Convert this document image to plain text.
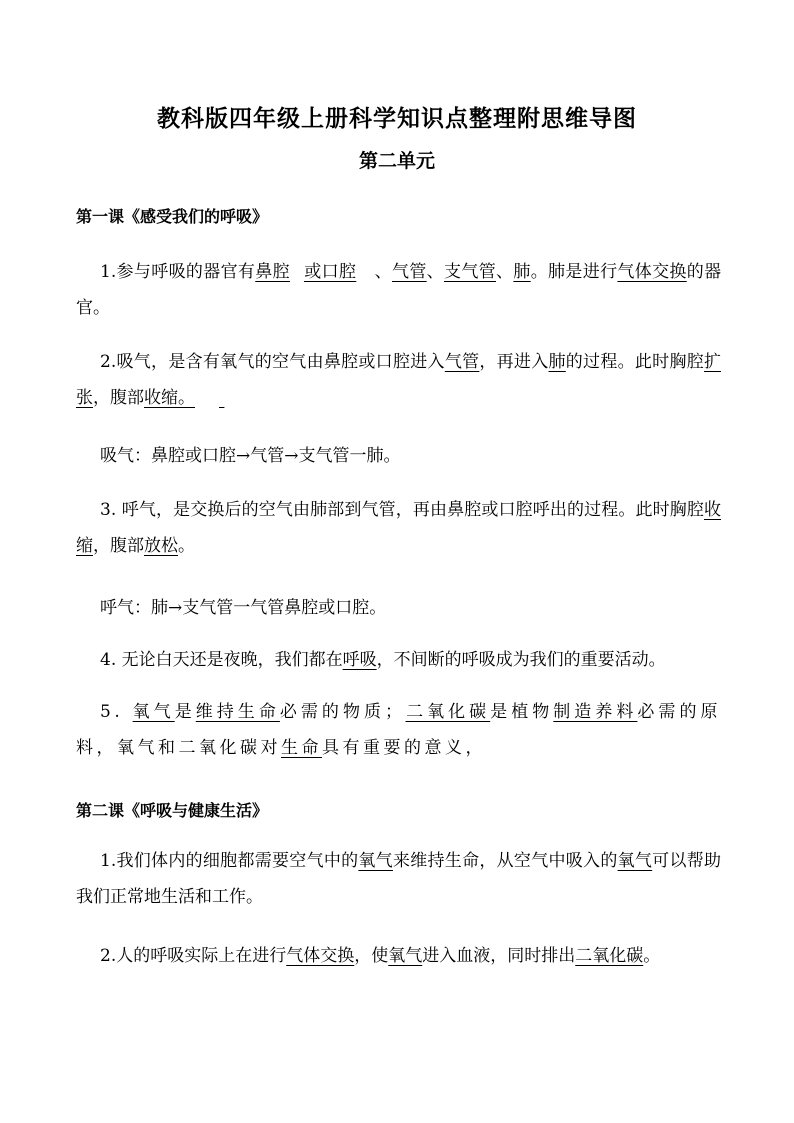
教科版四年级上册科学知识点整理附思维导图
第二单元
第一课《感受我们的呼吸》
1.参与呼吸的器官有鼻腔 或口腔 、气管、支气管、肺。肺是进行气体交换的器官。
2.吸气，是含有氧气的空气由鼻腔或口腔进入气管，再进入肺的过程。此时胸腔扩张，腹部收缩。
吸气：鼻腔或口腔→气管→支气管一肺。
3. 呼气，是交换后的空气由肺部到气管，再由鼻腔或口腔呼出的过程。此时胸腔收缩，腹部放松。
呼气：肺→支气管一气管鼻腔或口腔。
4. 无论白天还是夜晚，我们都在呼吸，不间断的呼吸成为我们的重要活动。
5. 氧气是维持生命必需的物质；二氧化碳是植物制造养料必需的原料，氧气和二氧化碳对生命具有重要的意义，
第二课《呼吸与健康生活》
1.我们体内的细胞都需要空气中的氧气来维持生命，从空气中吸入的氧气可以帮助我们正常地生活和工作。
2.人的呼吸实际上在进行气体交换，使氧气进入血液，同时排出二氧化碳。
